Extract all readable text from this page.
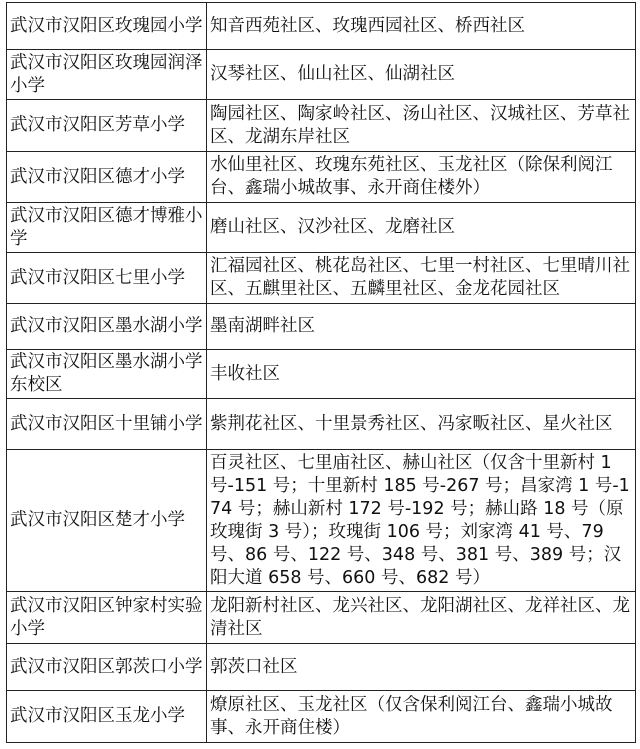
武汉市汉阳区玫瑰园小学	知音西苑社区、玫瑰西园社区、桥西社区
武汉市汉阳区玫瑰园润泽小学	汉琴社区、仙山社区、仙湖社区
武汉市汉阳区芳草小学	陶园社区、陶家岭社区、汤山社区、汉城社区、芳草社区、龙湖东岸社区
武汉市汉阳区德才小学	水仙里社区、玫瑰东苑社区、玉龙社区（除保利阅江台、鑫瑞小城故事、永开商住楼外）
武汉市汉阳区德才博雅小学	磨山社区、汉沙社区、龙磨社区
武汉市汉阳区七里小学	汇福园社区、桃花岛社区、七里一村社区、七里晴川社区、五麒里社区、五麟里社区、金龙花园社区
武汉市汉阳区墨水湖小学	墨南湖畔社区
武汉市汉阳区墨水湖小学东校区	丰收社区
武汉市汉阳区十里铺小学	紫荆花社区、十里景秀社区、冯家畈社区、星火社区
武汉市汉阳区楚才小学	百灵社区、七里庙社区、赫山社区（仅含十里新村 1 号-151 号；十里新村 185 号-267 号；昌家湾 1 号-174 号；赫山新村 172 号-192 号；赫山路 18 号（原玫瑰街 3 号）；玫瑰街 106 号；刘家湾 41 号、79 号、86 号、122 号、348 号、381 号、389 号；汉阳大道 658 号、660 号、682 号）
武汉市汉阳区钟家村实验小学	龙阳新村社区、龙兴社区、龙阳湖社区、龙祥社区、龙清社区
武汉市汉阳区郭茨口小学	郭茨口社区
武汉市汉阳区玉龙小学	燎原社区、玉龙社区（仅含保利阅江台、鑫瑞小城故事、永开商住楼）
